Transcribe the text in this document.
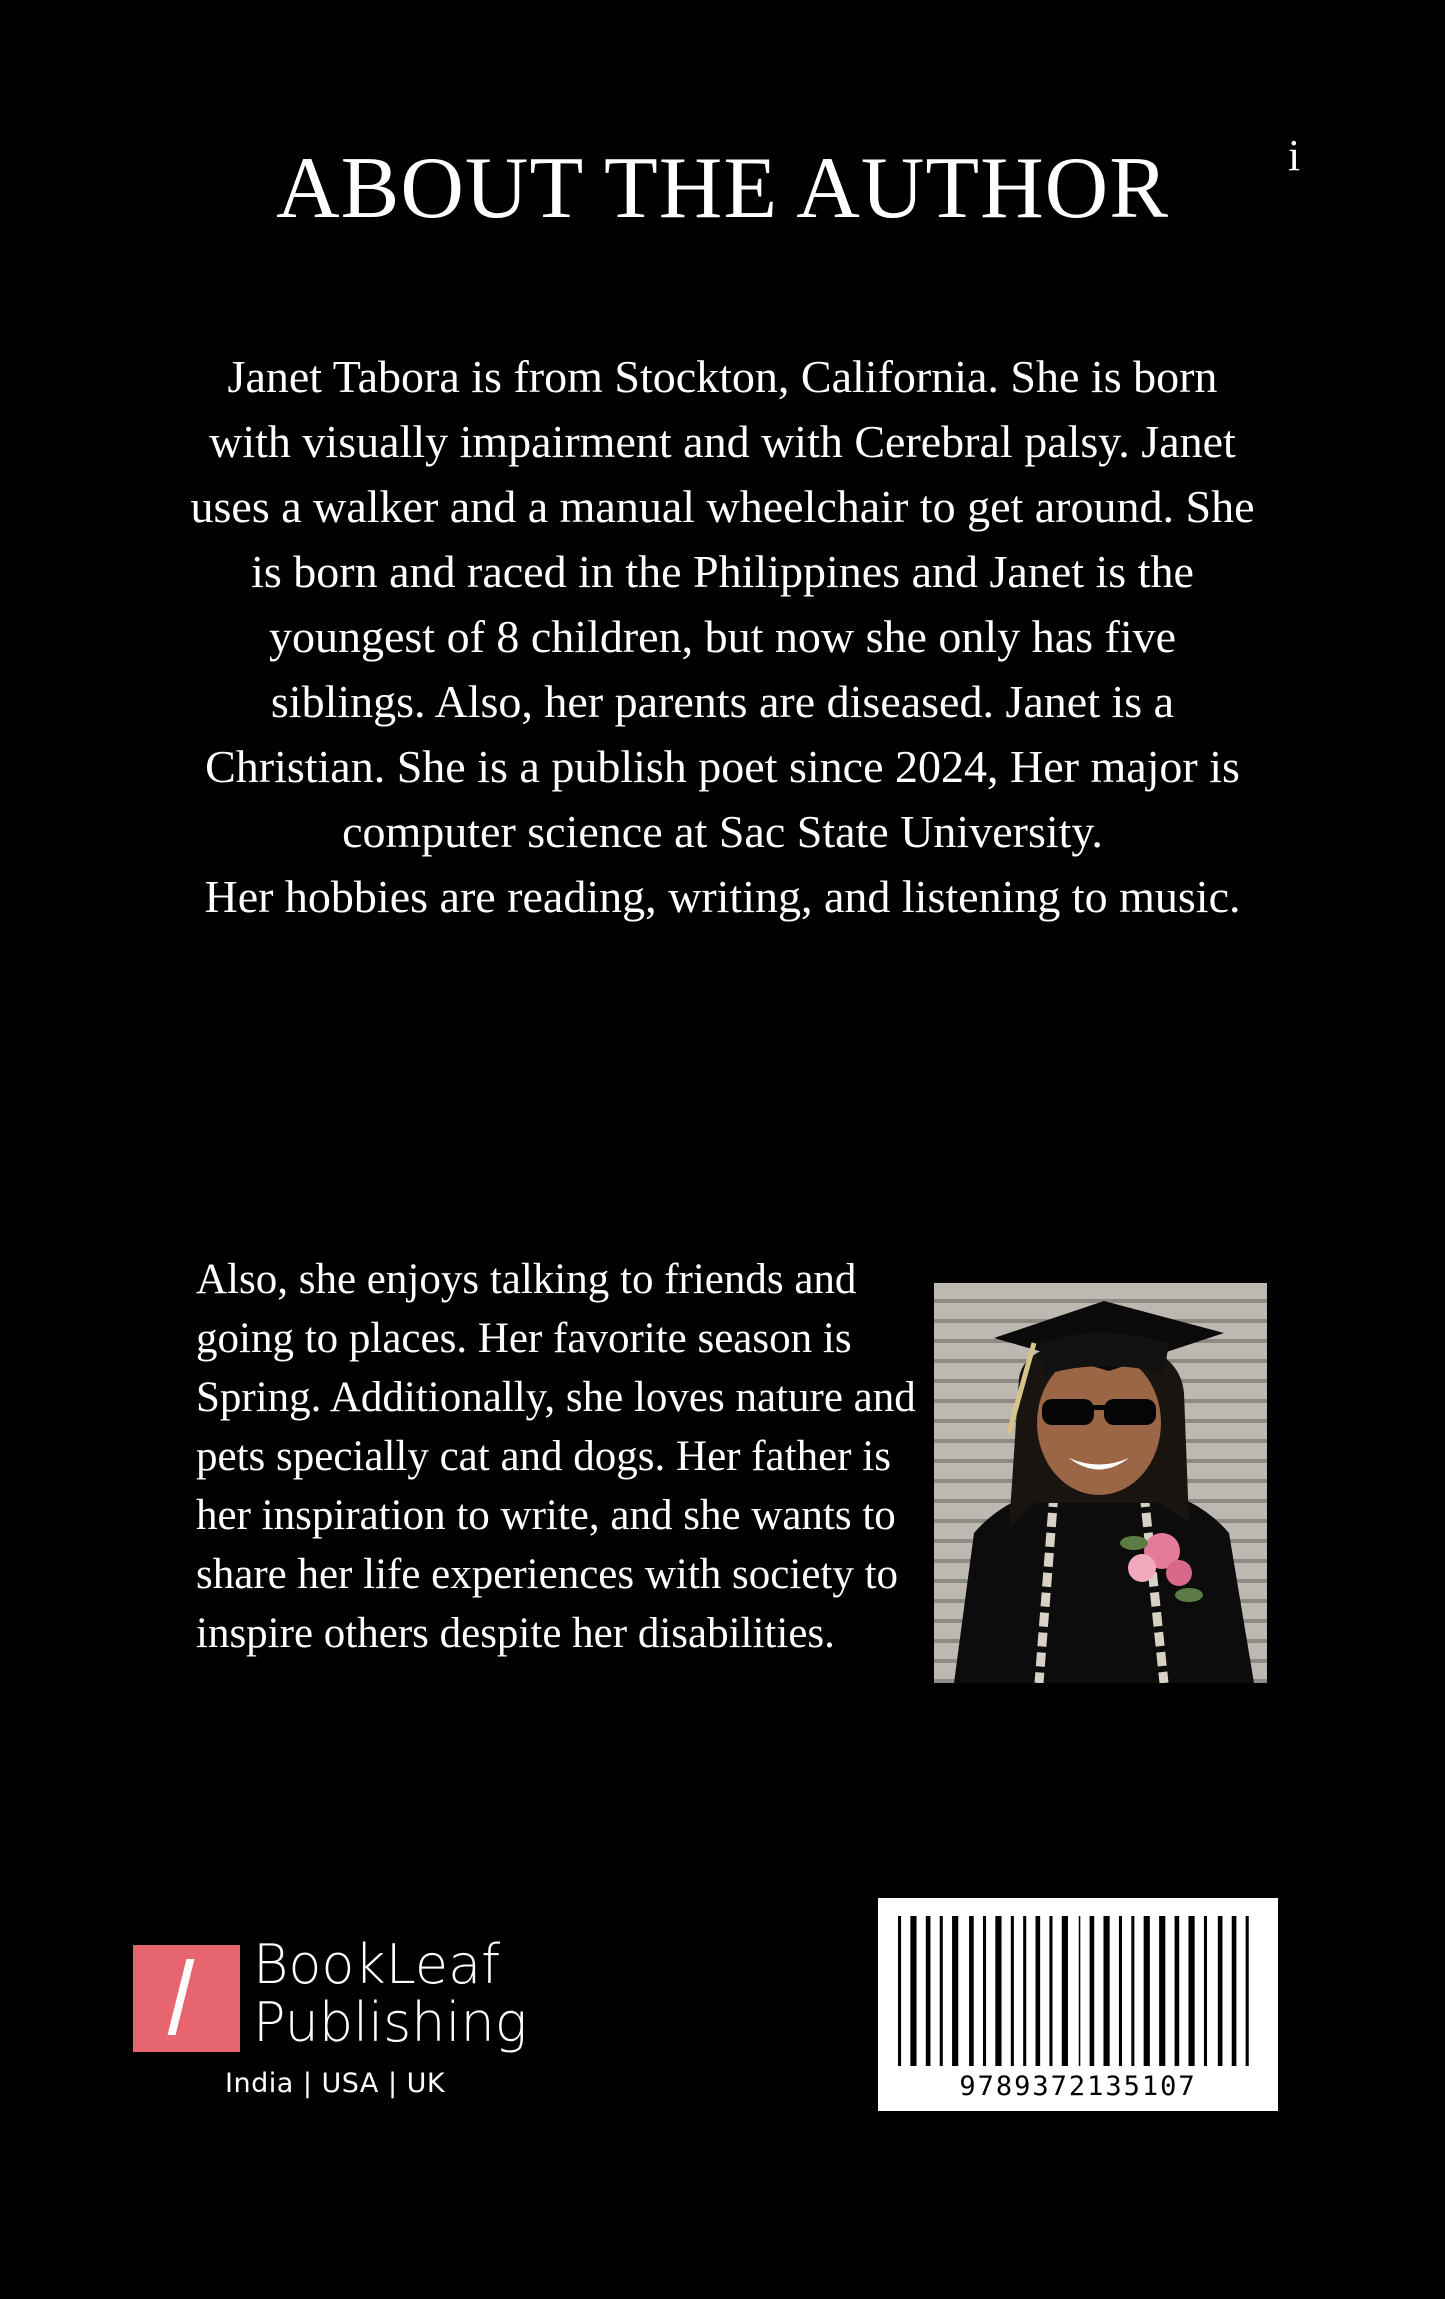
i
ABOUT THE AUTHOR

Janet Tabora is from Stockton, California. She is born with visually impairment and with Cerebral palsy. Janet uses a walker and a manual wheelchair to get around. She is born and raced in the Philippines and Janet is the youngest of 8 children, but now she only has five siblings. Also, her parents are diseased. Janet is a Christian. She is a publish poet since 2024, Her major is computer science at Sac State University.

Her hobbies are reading, writing, and listening to music.

Also, she enjoys talking to friends and going to places. Her favorite season is Spring. Additionally, she loves nature and pets specially cat and dogs. Her father is her inspiration to write, and she wants to share her life experiences with society to inspire others despite her disabilities.

BookLeaf
Publishing
India | USA | UK	9789372135107
